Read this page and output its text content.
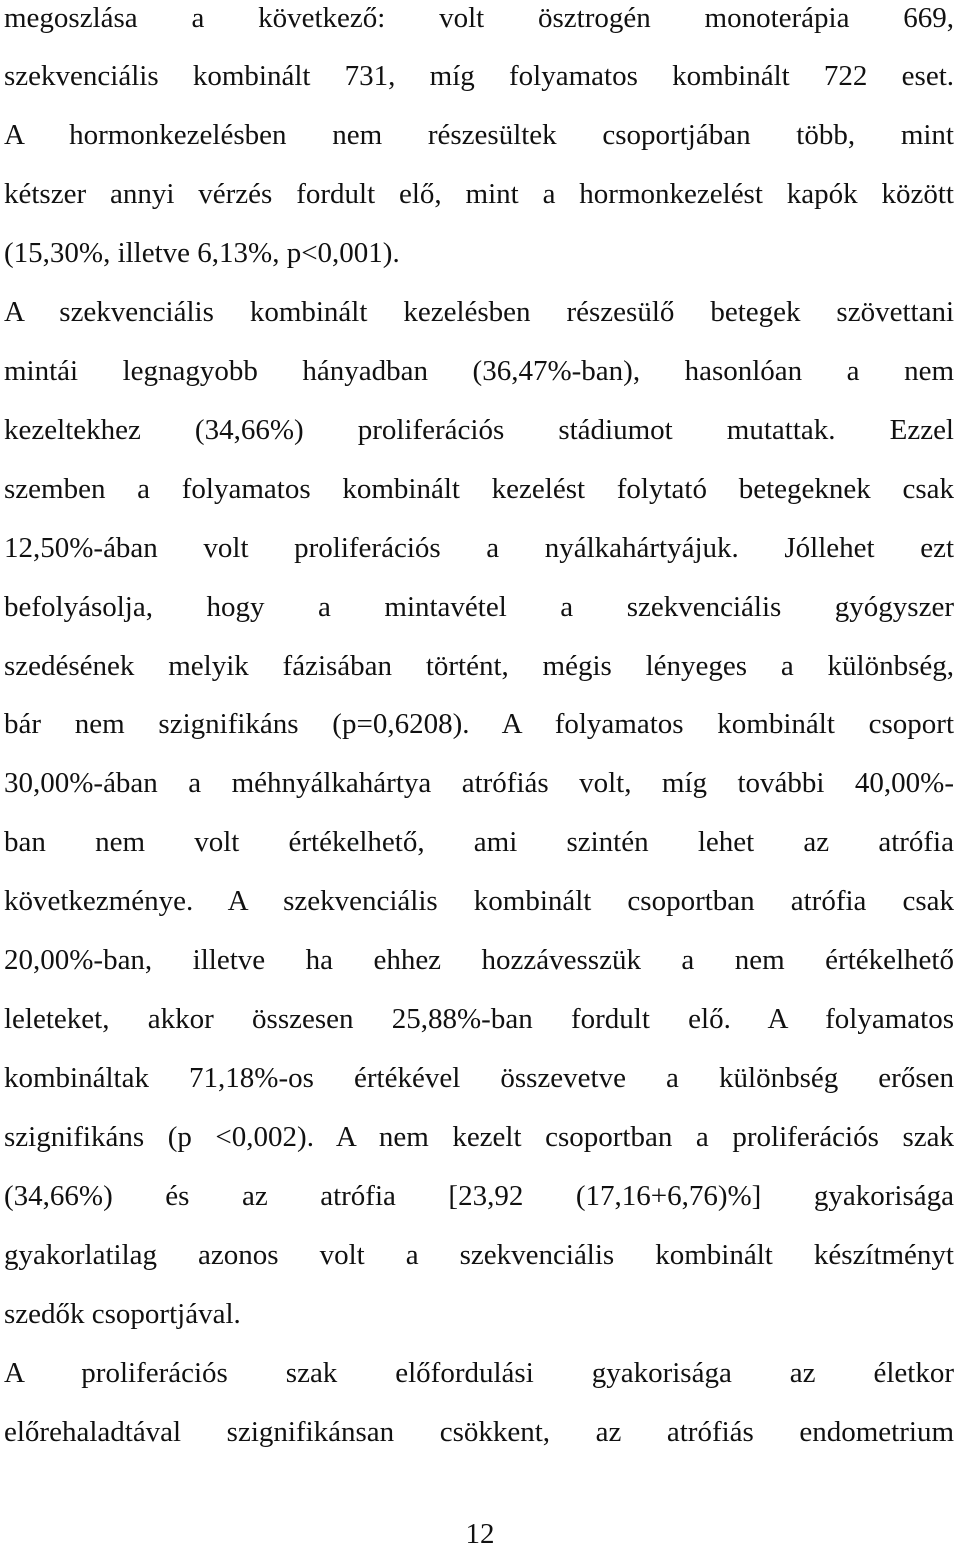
megoszlása a következő: volt ösztrogén monoterápia 669,
szekvenciális kombinált 731, míg folyamatos kombinált 722 eset.
A hormonkezelésben nem részesültek csoportjában több, mint
kétszer annyi vérzés fordult elő, mint a hormonkezelést kapók között
(15,30%, illetve 6,13%, p<0,001).
A szekvenciális kombinált kezelésben részesülő betegek szövettani
mintái legnagyobb hányadban (36,47%-ban), hasonlóan a nem
kezeltekhez (34,66%) proliferációs stádiumot mutattak. Ezzel
szemben a folyamatos kombinált kezelést folytató betegeknek csak
12,50%-ában volt proliferációs a nyálkahártyájuk. Jóllehet ezt
befolyásolja, hogy a mintavétel a szekvenciális gyógyszer
szedésének melyik fázisában történt, mégis lényeges a különbség,
bár nem szignifikáns (p=0,6208). A folyamatos kombinált csoport
30,00%-ában a méhnyálkahártya atrófiás volt, míg további 40,00%-
ban nem volt értékelhető, ami szintén lehet az atrófia
következménye. A szekvenciális kombinált csoportban atrófia csak
20,00%-ban, illetve ha ehhez hozzávesszük a nem értékelhető
leleteket, akkor összesen 25,88%-ban fordult elő. A folyamatos
kombináltak 71,18%-os értékével összevetve a különbség erősen
szignifikáns (p <0,002). A nem kezelt csoportban a proliferációs szak
(34,66%) és az atrófia [23,92 (17,16+6,76)%] gyakorisága
gyakorlatilag azonos volt a szekvenciális kombinált készítményt
szedők csoportjával.
A proliferációs szak előfordulási gyakorisága az életkor
előrehaladtával szignifikánsan csökkent, az atrófiás endometrium
12
